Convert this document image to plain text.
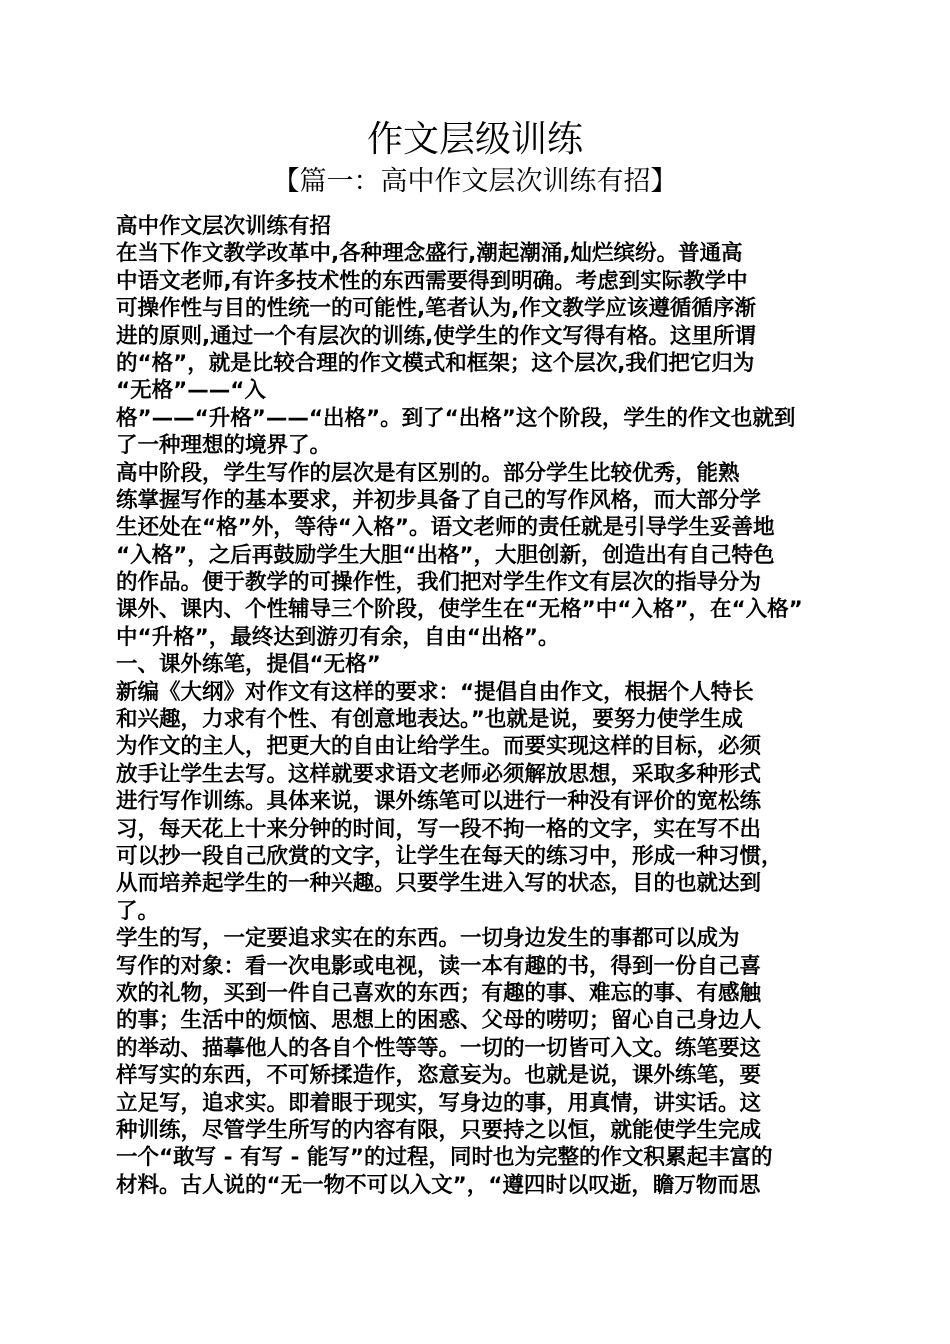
作文层级训练
【篇一：高中作文层次训练有招】
高中作文层次训练有招
在当下作文教学改革中,各种理念盛行,潮起潮涌,灿烂缤纷。普通高
中语文老师,有许多技术性的东西需要得到明确。考虑到实际教学中
可操作性与目的性统一的可能性,笔者认为,作文教学应该遵循循序渐
进的原则,通过一个有层次的训练,使学生的作文写得有格。这里所谓
的“格”，就是比较合理的作文模式和框架；这个层次,我们把它归为
“无格”——“入
格”——“升格”——“出格”。到了“出格”这个阶段，学生的作文也就到
了一种理想的境界了。
高中阶段，学生写作的层次是有区别的。部分学生比较优秀，能熟
练掌握写作的基本要求，并初步具备了自己的写作风格，而大部分学
生还处在“格”外，等待“入格”。语文老师的责任就是引导学生妥善地
“入格”，之后再鼓励学生大胆“出格”，大胆创新，创造出有自己特色
的作品。便于教学的可操作性，我们把对学生作文有层次的指导分为
课外、课内、个性辅导三个阶段，使学生在“无格”中“入格”，在“入格”
中“升格”，最终达到游刃有余，自由“出格”。
一、课外练笔，提倡“无格”
新编《大纲》对作文有这样的要求：“提倡自由作文，根据个人特长
和兴趣，力求有个性、有创意地表达。”也就是说，要努力使学生成
为作文的主人，把更大的自由让给学生。而要实现这样的目标，必须
放手让学生去写。这样就要求语文老师必须解放思想，采取多种形式
进行写作训练。具体来说，课外练笔可以进行一种没有评价的宽松练
习，每天花上十来分钟的时间，写一段不拘一格的文字，实在写不出
可以抄一段自己欣赏的文字，让学生在每天的练习中，形成一种习惯，
从而培养起学生的一种兴趣。只要学生进入写的状态，目的也就达到
了。
学生的写，一定要追求实在的东西。一切身边发生的事都可以成为
写作的对象：看一次电影或电视，读一本有趣的书，得到一份自己喜
欢的礼物，买到一件自己喜欢的东西；有趣的事、难忘的事、有感触
的事；生活中的烦恼、思想上的困惑、父母的唠叨；留心自己身边人
的举动、描摹他人的各自个性等等。一切的一切皆可入文。练笔要这
样写实的东西，不可矫揉造作，恣意妄为。也就是说，课外练笔，要
立足写，追求实。即着眼于现实，写身边的事，用真情，讲实话。这
种训练，尽管学生所写的内容有限，只要持之以恒，就能使学生完成
一个“敢写 - 有写 - 能写”的过程，同时也为完整的作文积累起丰富的
材料。古人说的“无一物不可以入文”，“遵四时以叹逝，瞻万物而思
